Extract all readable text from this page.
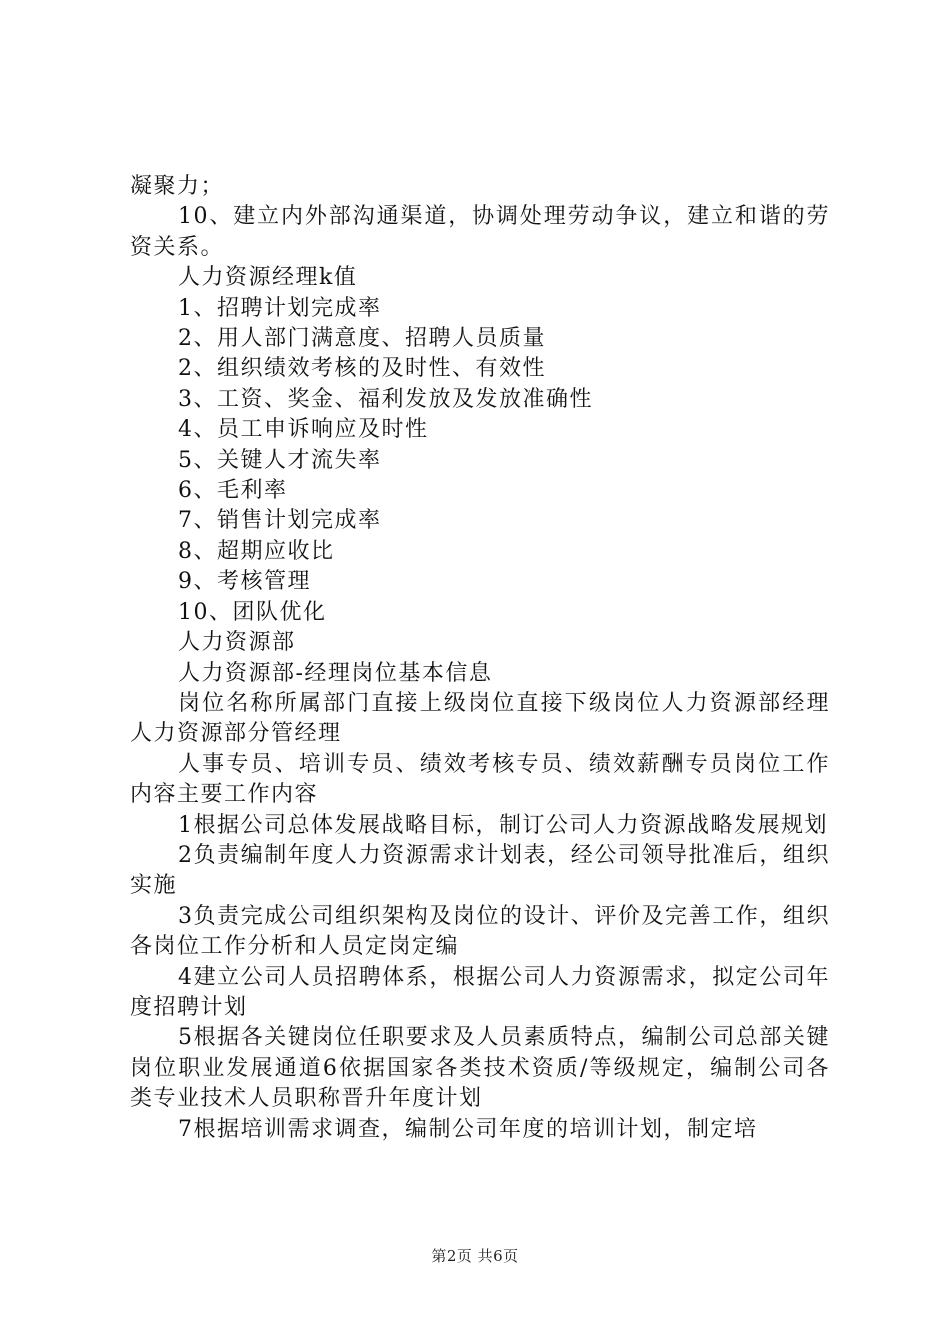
凝聚力；

10、建立内外部沟通渠道，协调处理劳动争议，建立和谐的劳资关系。

人力资源经理k值

1、招聘计划完成率

2、用人部门满意度、招聘人员质量

2、组织绩效考核的及时性、有效性

3、工资、奖金、福利发放及发放准确性

4、员工申诉响应及时性

5、关键人才流失率

6、毛利率

7、销售计划完成率

8、超期应收比

9、考核管理

10、团队优化

人力资源部

人力资源部-经理岗位基本信息

岗位名称所属部门直接上级岗位直接下级岗位人力资源部经理人力资源部分管经理

人事专员、培训专员、绩效考核专员、绩效薪酬专员岗位工作内容主要工作内容

1根据公司总体发展战略目标，制订公司人力资源战略发展规划

2负责编制年度人力资源需求计划表，经公司领导批准后，组织实施

3负责完成公司组织架构及岗位的设计、评价及完善工作，组织各岗位工作分析和人员定岗定编

4建立公司人员招聘体系，根据公司人力资源需求，拟定公司年度招聘计划

5根据各关键岗位任职要求及人员素质特点，编制公司总部关键岗位职业发展通道6依据国家各类技术资质/等级规定，编制公司各类专业技术人员职称晋升年度计划

7根据培训需求调查，编制公司年度的培训计划，制定培

第2页 共6页
